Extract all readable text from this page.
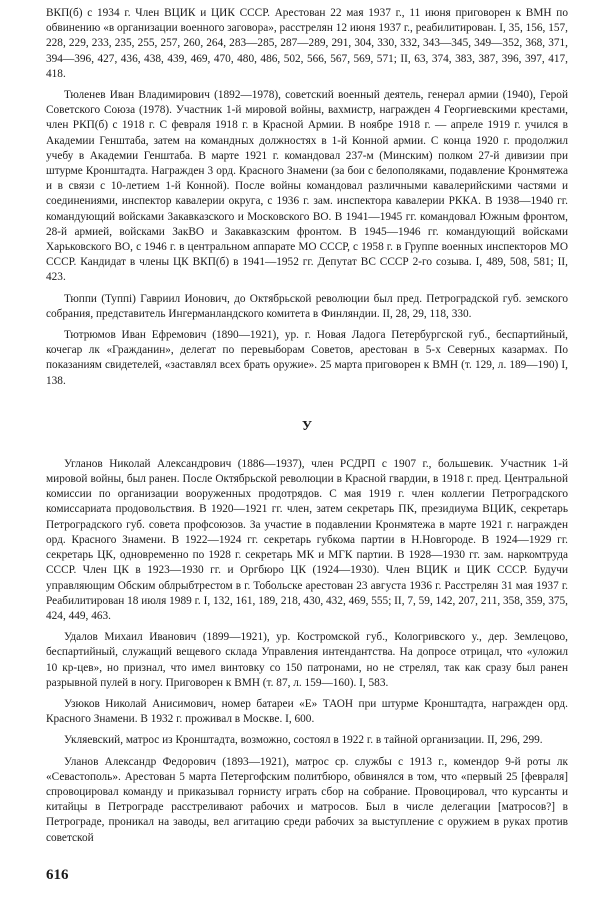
ВКП(б) с 1934 г. Член ВЦИК и ЦИК СССР. Арестован 22 мая 1937 г., 11 июня приговорен к ВМН по обвинению «в организации военного заговора», расстрелян 12 июня 1937 г., реабилитирован. I, 35, 156, 157, 228, 229, 233, 235, 255, 257, 260, 264, 283—285, 287—289, 291, 304, 330, 332, 343—345, 349—352, 368, 371, 394—396, 427, 436, 438, 439, 469, 470, 480, 486, 502, 566, 567, 569, 571; II, 63, 374, 383, 387, 396, 397, 417, 418.

Тюленев Иван Владимирович (1892—1978), советский военный деятель, генерал армии (1940), Герой Советского Союза (1978). Участник 1-й мировой войны, вахмистр, награжден 4 Георгиевскими крестами, член РКП(б) с 1918 г. С февраля 1918 г. в Красной Армии. В ноябре 1918 г. — апреле 1919 г. учился в Академии Генштаба, затем на командных должностях в 1-й Конной армии. С конца 1920 г. продолжил учебу в Академии Генштаба. В марте 1921 г. командовал 237-м (Минским) полком 27-й дивизии при штурме Кронштадта. Награжден 3 орд. Красного Знамени (за бои с белополяками, подавление Кронмятежа и в связи с 10-летием 1-й Конной). После войны командовал различными кавалерийскими частями и соединениями, инспектор кавалерии округа, с 1936 г. зам. инспектора кавалерии РККА. В 1938—1940 гг. командующий войсками Закавказского и Московского ВО. В 1941—1945 гг. командовал Южным фронтом, 28-й армией, войсками ЗакВО и Закавказским фронтом. В 1945—1946 гг. командующий войсками Харьковского ВО, с 1946 г. в центральном аппарате МО СССР, с 1958 г. в Группе военных инспекторов МО СССР. Кандидат в члены ЦК ВКП(б) в 1941—1952 гг. Депутат ВС СССР 2-го созыва. I, 489, 508, 581; II, 423.

Тюппи (Туппі) Гавриил Ионович, до Октябрьской революции был пред. Петроградской губ. земского собрания, представитель Ингерманландского комитета в Финляндии. II, 28, 29, 118, 330.

Тютрюмов Иван Ефремович (1890—1921), ур. г. Новая Ладога Петербургской губ., беспартийный, кочегар лк «Гражданин», делегат по перевыборам Советов, арестован в 5-х Северных казармах. По показаниям свидетелей, «заставлял всех брать оружие». 25 марта приговорен к ВМН (т. 129, л. 189—190) I, 138.

У

Угланов Николай Александрович (1886—1937), член РСДРП с 1907 г., большевик. Участник 1-й мировой войны, был ранен. После Октябрьской революции в Красной гвардии, в 1918 г. пред. Центральной комиссии по организации вооруженных продотрядов. С мая 1919 г. член коллегии Петроградского комиссариата продовольствия. В 1920—1921 гг. член, затем секретарь ПК, президиума ВЦИК, секретарь Петроградского губ. совета профсоюзов. За участие в подавлении Кронмятежа в марте 1921 г. награжден орд. Красного Знамени. В 1922—1924 гг. секретарь губкома партии в Н.Новгороде. В 1924—1929 гг. секретарь ЦК, одновременно по 1928 г. секретарь МК и МГК партии. В 1928—1930 гг. зам. наркомтруда СССР. Член ЦК в 1923—1930 гг. и Оргбюро ЦК (1924—1930). Член ВЦИК и ЦИК СССР. Будучи управляющим Обским облрыбтрестом в г. Тобольске арестован 23 августа 1936 г. Расстрелян 31 мая 1937 г. Реабилитирован 18 июля 1989 г. I, 132, 161, 189, 218, 430, 432, 469, 555; II, 7, 59, 142, 207, 211, 358, 359, 375, 424, 449, 463.

Удалов Михаил Иванович (1899—1921), ур. Костромской губ., Кологривского у., дер. Землецово, беспартийный, служащий вещевого склада Управления интендантства. На допросе отрицал, что «уложил 10 кр-цев», но признал, что имел винтовку со 150 патронами, но не стрелял, так как сразу был ранен разрывной пулей в ногу. Приговорен к ВМН (т. 87, л. 159—160). I, 583.

Узюков Николай Анисимович, номер батареи «Е» ТАОН при штурме Кронштадта, награжден орд. Красного Знамени. В 1932 г. проживал в Москве. I, 600.

Укляевский, матрос из Кронштадта, возможно, состоял в 1922 г. в тайной организации. II, 296, 299.

Уланов Александр Федорович (1893—1921), матрос ср. службы с 1913 г., комендор 9-й роты лк «Севастополь». Арестован 5 марта Петергофским политбюро, обвинялся в том, что «первый 25 [февраля] спровоцировал команду и приказывал горнисту играть сбор на собрание. Провоцировал, что курсанты и китайцы в Петрограде расстреливают рабочих и матросов. Был в числе делегации [матросов?] в Петрограде, проникал на заводы, вел агитацию среди рабочих за выступление с оружием в руках против советской

616
